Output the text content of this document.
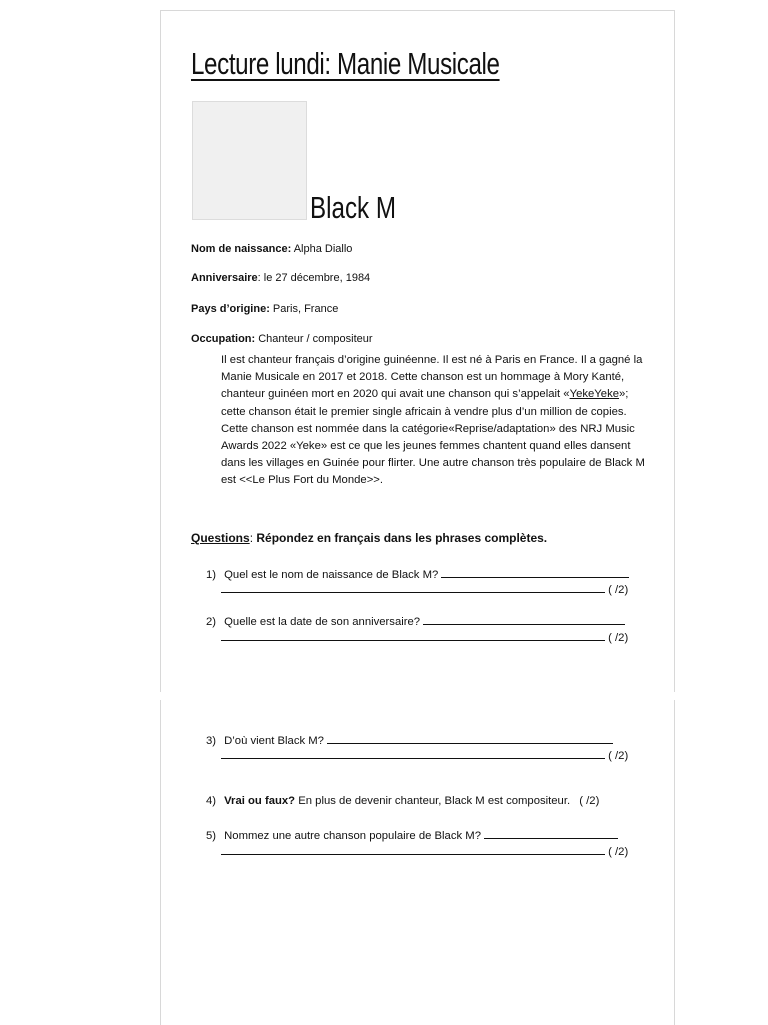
Lecture lundi: Manie Musicale
Black M
Nom de naissance: Alpha Diallo
Anniversaire: le 27 décembre, 1984
Pays d’origine: Paris, France
Occupation: Chanteur / compositeur

Il est chanteur français d’origine guinéenne. Il est né à Paris en France. Il a gagné la Manie Musicale en 2017 et 2018. Cette chanson est un hommage à Mory Kanté, chanteur guinéen mort en 2020 qui avait une chanson qui s’appelait «YekeYeke»; cette chanson était le premier single africain à vendre plus d’un million de copies. Cette chanson est nommée dans la catégorie«Reprise/adaptation» des NRJ Music Awards 2022 «Yeke» est ce que les jeunes femmes chantent quand elles dansent dans les villages en Guinée pour flirter. Une autre chanson très populaire de Black M est <<Le Plus Fort du Monde>>.

Questions: Répondez en français dans les phrases complètes.
1) Quel est le nom de naissance de Black M?
( /2)
2) Quelle est la date de son anniversaire?
( /2)
3) D’où vient Black M?
( /2)
4) Vrai ou faux? En plus de devenir chanteur, Black M est compositeur. ( /2)
5) Nommez une autre chanson populaire de Black M?
( /2)
